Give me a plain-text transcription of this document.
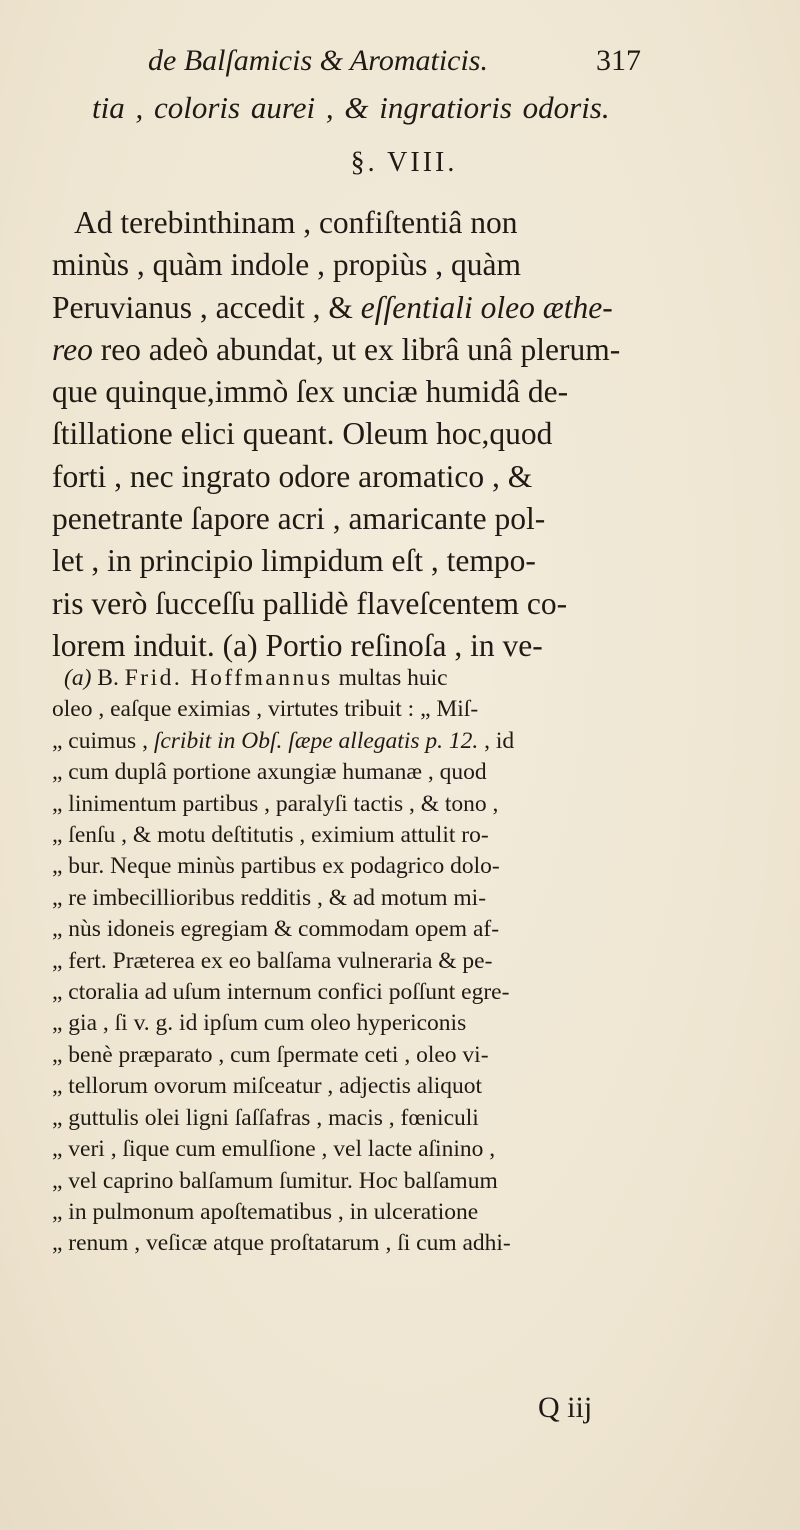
de Balſamicis & Aromaticis.	317
tia , coloris aurei , & ingratioris odoris.
§. VIII.
Ad terebinthinam , confiſtentiâ non
minùs , quàm indole , propiùs , quàm
Peruvianus , accedit , & eſſentiali oleo æthe-
reo reo adeò abundat, ut ex librâ unâ plerum-
que quinque,immò ſex unciæ humidâ de-
ſtillatione elici queant. Oleum hoc,quod
forti , nec ingrato odore aromatico , &
penetrante ſapore acri , amaricante pol-
let , in principio limpidum eſt , tempo-
ris verò ſucceſſu pallidè flaveſcentem co-
lorem induit. (a) Portio reſinoſa , in ve-
(a) B. Frid. Hoffmannus multas huic
oleo , eaſque eximias , virtutes tribuit : „ Miſ-
„ cuimus , ſcribit in Obſ. ſæpe allegatis p. 12. , id
„ cum duplâ portione axungiæ humanæ , quod
„ linimentum partibus , paralyſi tactis , & tono ,
„ ſenſu , & motu deſtitutis , eximium attulit ro-
„ bur. Neque minùs partibus ex podagrico dolo-
„ re imbecillioribus redditis , & ad motum mi-
„ nùs idoneis egregiam & commodam opem af-
„ fert. Præterea ex eo balſama vulneraria & pe-
„ ctoralia ad uſum internum confici poſſunt egre-
„ gia , ſi v. g. id ipſum cum oleo hypericonis
„ benè præparato , cum ſpermate ceti , oleo vi-
„ tellorum ovorum miſceatur , adjectis aliquot
„ guttulis olei ligni ſaſſafras , macis , fœniculi
„ veri , ſique cum emulſione , vel lacte aſinino ,
„ vel caprino balſamum ſumitur. Hoc balſamum
„ in pulmonum apoſtematibus , in ulceratione
„ renum , veſicæ atque proſtatarum , ſi cum adhi-
Q iij
